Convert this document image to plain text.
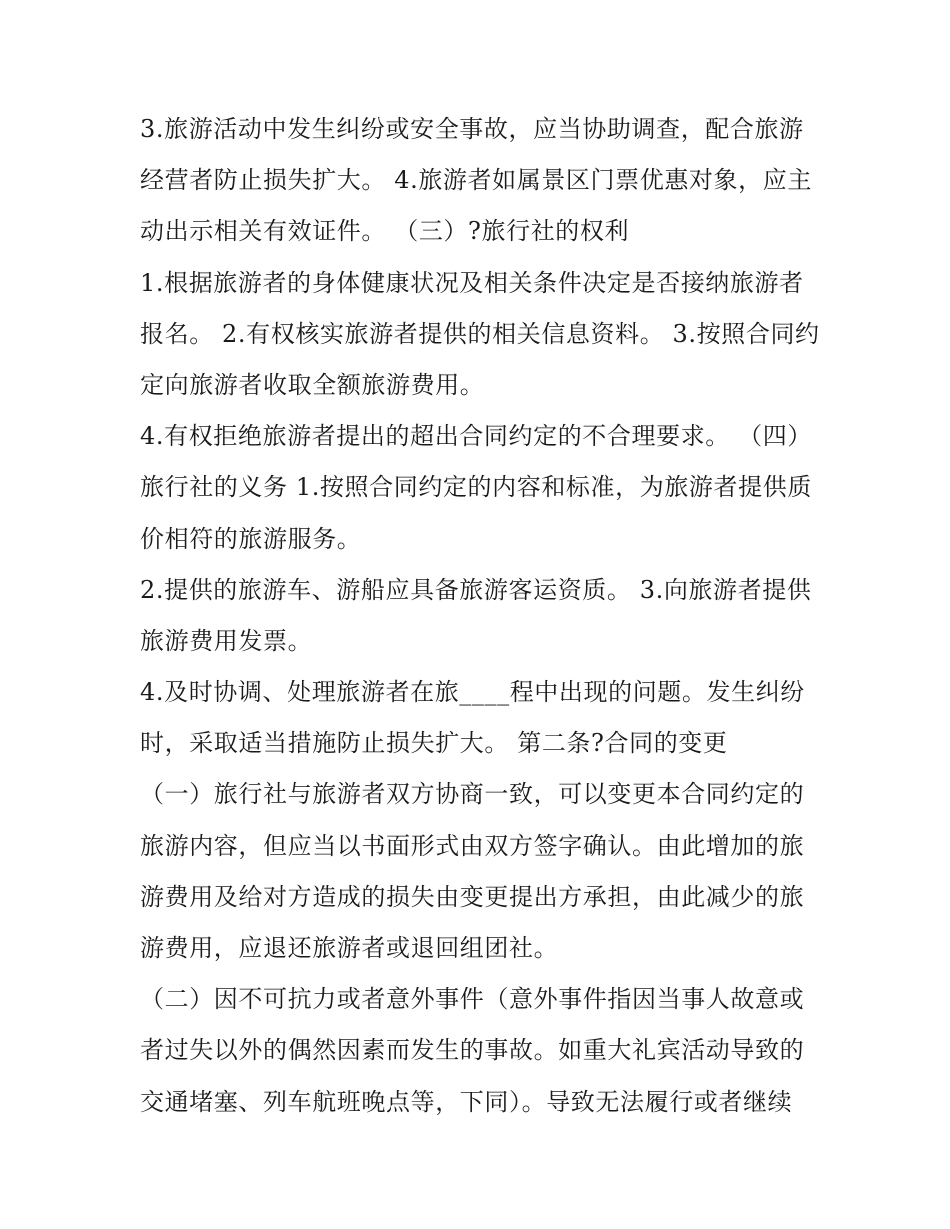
3.旅游活动中发生纠纷或安全事故，应当协助调查，配合旅游
经营者防止损失扩大。 4.旅游者如属景区门票优惠对象，应主
动出示相关有效证件。 （三）?旅行社的权利
1.根据旅游者的身体健康状况及相关条件决定是否接纳旅游者
报名。 2.有权核实旅游者提供的相关信息资料。 3.按照合同约
定向旅游者收取全额旅游费用。
4.有权拒绝旅游者提出的超出合同约定的不合理要求。 （四）
旅行社的义务 1.按照合同约定的内容和标准，为旅游者提供质
价相符的旅游服务。
2.提供的旅游车、游船应具备旅游客运资质。 3.向旅游者提供
旅游费用发票。
4.及时协调、处理旅游者在旅____程中出现的问题。发生纠纷
时，采取适当措施防止损失扩大。 第二条?合同的变更
（一）旅行社与旅游者双方协商一致，可以变更本合同约定的
旅游内容，但应当以书面形式由双方签字确认。由此增加的旅
游费用及给对方造成的损失由变更提出方承担，由此减少的旅
游费用，应退还旅游者或退回组团社。
（二）因不可抗力或者意外事件（意外事件指因当事人故意或
者过失以外的偶然因素而发生的事故。如重大礼宾活动导致的
交通堵塞、列车航班晚点等，下同）。导致无法履行或者继续
